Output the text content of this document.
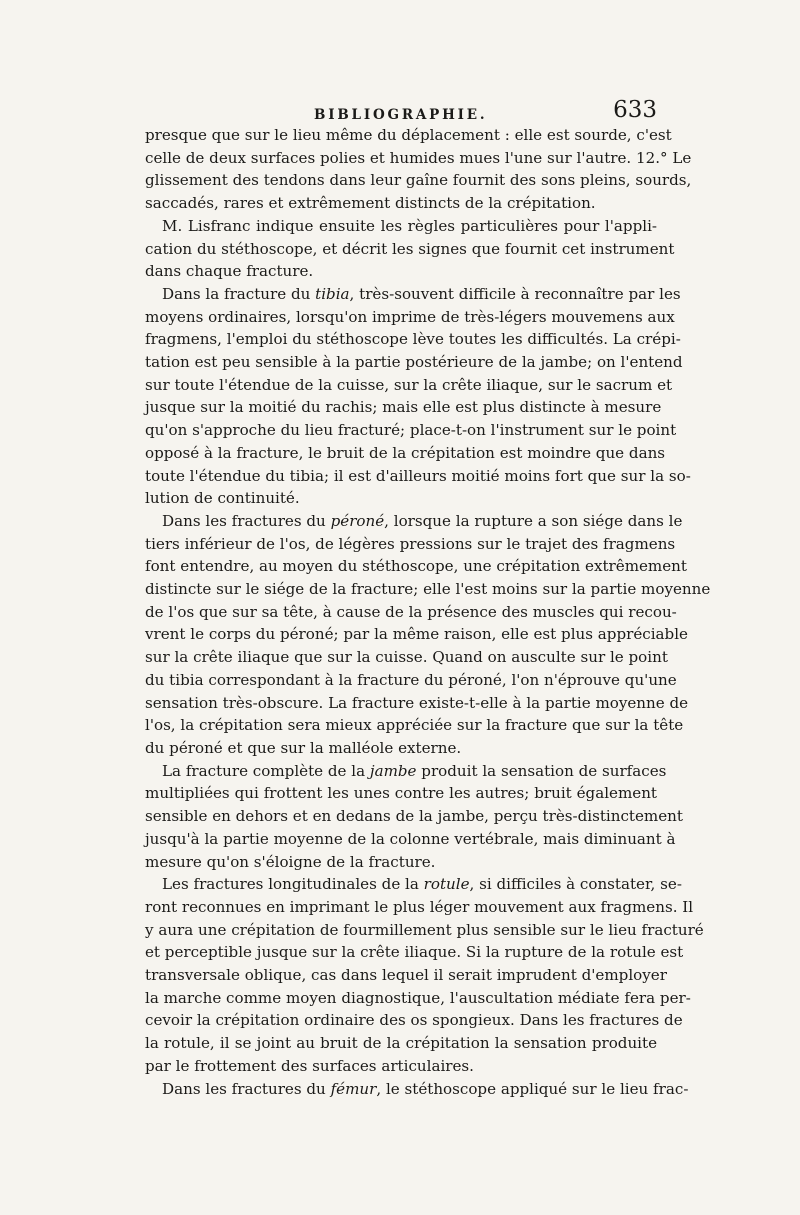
BIBLIOGRAPHIE.	633
presque que sur le lieu même du déplacement : elle est sourde, c'est
celle de deux surfaces polies et humides mues l'une sur l'autre. 12.° Le
glissement des tendons dans leur gaîne fournit des sons pleins, sourds,
saccadés, rares et extrêmement distincts de la crépitation.
M. Lisfranc indique ensuite les règles particulières pour l'appli-
cation du stéthoscope, et décrit les signes que fournit cet instrument
dans chaque fracture.
Dans la fracture du tibia, très-souvent difficile à reconnaître par les
moyens ordinaires, lorsqu'on imprime de très-légers mouvemens aux
fragmens, l'emploi du stéthoscope lève toutes les difficultés. La crépi-
tation est peu sensible à la partie postérieure de la jambe; on l'entend
sur toute l'étendue de la cuisse, sur la crête iliaque, sur le sacrum et
jusque sur la moitié du rachis; mais elle est plus distincte à mesure
qu'on s'approche du lieu fracturé; place-t-on l'instrument sur le point
opposé à la fracture, le bruit de la crépitation est moindre que dans
toute l'étendue du tibia; il est d'ailleurs moitié moins fort que sur la so-
lution de continuité.
Dans les fractures du péroné, lorsque la rupture a son siége dans le
tiers inférieur de l'os, de légères pressions sur le trajet des fragmens
font entendre, au moyen du stéthoscope, une crépitation extrêmement
distincte sur le siége de la fracture; elle l'est moins sur la partie moyenne
de l'os que sur sa tête, à cause de la présence des muscles qui recou-
vrent le corps du péroné; par la même raison, elle est plus appréciable
sur la crête iliaque que sur la cuisse. Quand on ausculte sur le point
du tibia correspondant à la fracture du péroné, l'on n'éprouve qu'une
sensation très-obscure. La fracture existe-t-elle à la partie moyenne de
l'os, la crépitation sera mieux appréciée sur la fracture que sur la tête
du péroné et que sur la malléole externe.
La fracture complète de la jambe produit la sensation de surfaces
multipliées qui frottent les unes contre les autres; bruit également
sensible en dehors et en dedans de la jambe, perçu très-distinctement
jusqu'à la partie moyenne de la colonne vertébrale, mais diminuant à
mesure qu'on s'éloigne de la fracture.
Les fractures longitudinales de la rotule, si difficiles à constater, se-
ront reconnues en imprimant le plus léger mouvement aux fragmens. Il
y aura une crépitation de fourmillement plus sensible sur le lieu fracturé
et perceptible jusque sur la crête iliaque. Si la rupture de la rotule est
transversale oblique, cas dans lequel il serait imprudent d'employer
la marche comme moyen diagnostique, l'auscultation médiate fera per-
cevoir la crépitation ordinaire des os spongieux. Dans les fractures de
la rotule, il se joint au bruit de la crépitation la sensation produite
par le frottement des surfaces articulaires.
Dans les fractures du fémur, le stéthoscope appliqué sur le lieu frac-
